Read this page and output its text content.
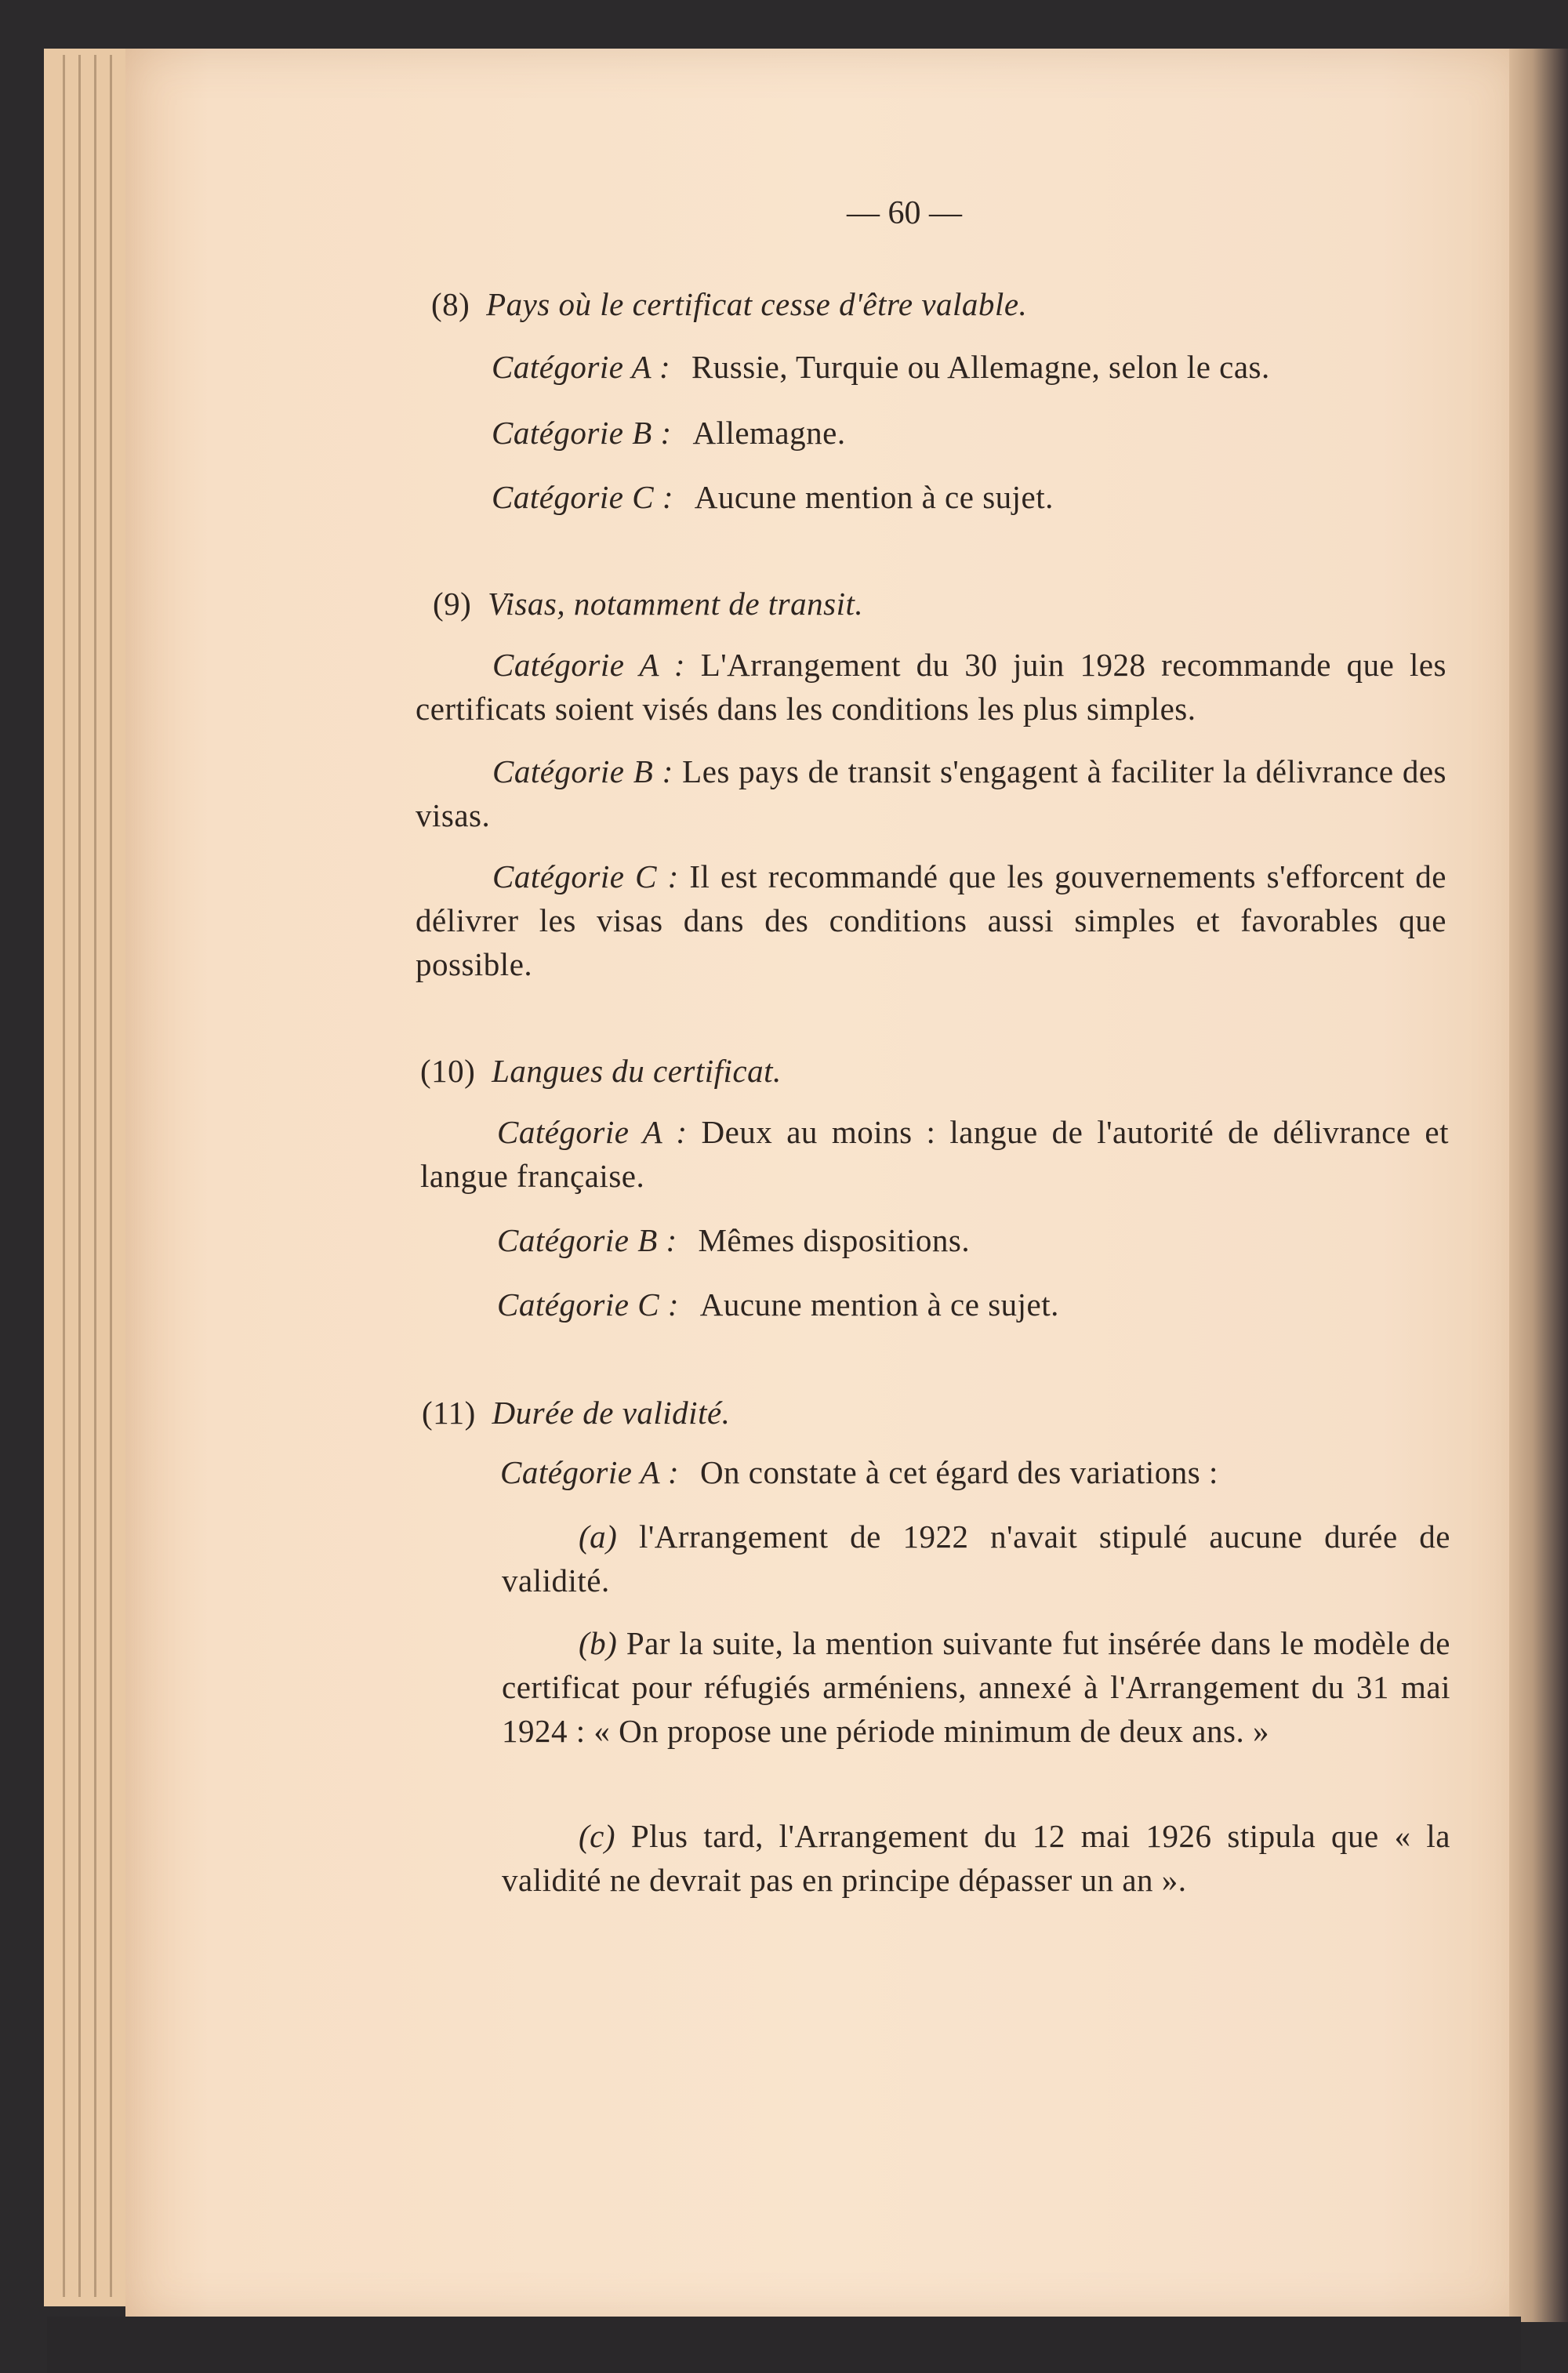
— 60 —
(8) Pays où le certificat cesse d'être valable.
Catégorie A : Russie, Turquie ou Allemagne, selon le cas.
Catégorie B : Allemagne.
Catégorie C : Aucune mention à ce sujet.
(9) Visas, notamment de transit.
Catégorie A : L'Arrangement du 30 juin 1928 recommande que les certificats soient visés dans les conditions les plus simples.
Catégorie B : Les pays de transit s'engagent à faciliter la délivrance des visas.
Catégorie C : Il est recommandé que les gouvernements s'efforcent de délivrer les visas dans des conditions aussi simples et favorables que possible.
(10) Langues du certificat.
Catégorie A : Deux au moins : langue de l'autorité de délivrance et langue française.
Catégorie B : Mêmes dispositions.
Catégorie C : Aucune mention à ce sujet.
(11) Durée de validité.
Catégorie A : On constate à cet égard des variations :
(a) l'Arrangement de 1922 n'avait stipulé aucune durée de validité.
(b) Par la suite, la mention suivante fut insérée dans le modèle de certificat pour réfugiés arméniens, annexé à l'Arrangement du 31 mai 1924 : « On propose une période minimum de deux ans. »
(c) Plus tard, l'Arrangement du 12 mai 1926 stipula que « la validité ne devrait pas en principe dépasser un an ».
